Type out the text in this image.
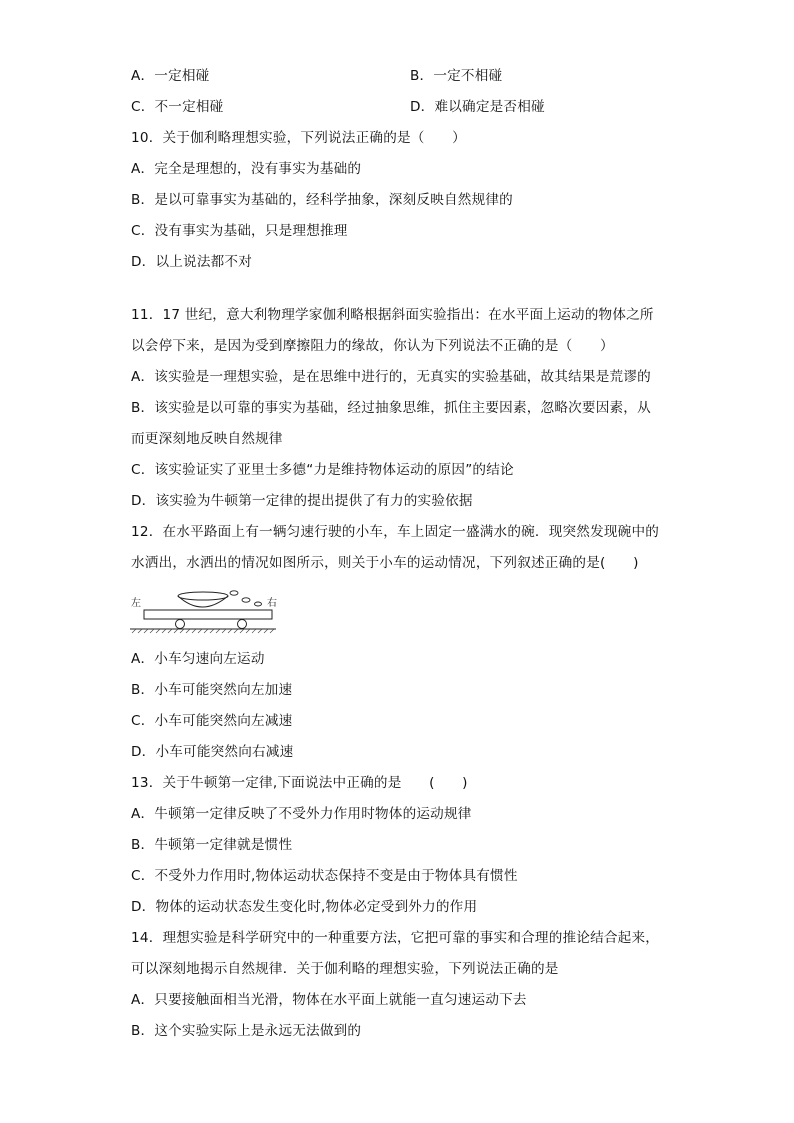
A．一定相碰	B．一定不相碰
C．不一定相碰	D．难以确定是否相碰
10．关于伽利略理想实验，下列说法正确的是（　　）
A．完全是理想的，没有事实为基础的
B．是以可靠事实为基础的，经科学抽象，深刻反映自然规律的
C．没有事实为基础，只是理想推理
D．以上说法都不对
11．17 世纪，意大利物理学家伽利略根据斜面实验指出：在水平面上运动的物体之所
以会停下来，是因为受到摩擦阻力的缘故，你认为下列说法不正确的是（　　）
A．该实验是一理想实验，是在思维中进行的，无真实的实验基础，故其结果是荒谬的
B．该实验是以可靠的事实为基础，经过抽象思维，抓住主要因素，忽略次要因素，从
而更深刻地反映自然规律
C．该实验证实了亚里士多德“力是维持物体运动的原因”的结论
D．该实验为牛顿第一定律的提出提供了有力的实验依据
12．在水平路面上有一辆匀速行驶的小车，车上固定一盛满水的碗．现突然发现碗中的
水洒出，水洒出的情况如图所示，则关于小车的运动情况，下列叙述正确的是(　　)
左	右
A．小车匀速向左运动
B．小车可能突然向左加速
C．小车可能突然向左减速
D．小车可能突然向右减速
13．关于牛顿第一定律,下面说法中正确的是　　(　　)
A．牛顿第一定律反映了不受外力作用时物体的运动规律
B．牛顿第一定律就是惯性
C．不受外力作用时,物体运动状态保持不变是由于物体具有惯性
D．物体的运动状态发生变化时,物体必定受到外力的作用
14．理想实验是科学研究中的一种重要方法，它把可靠的事实和合理的推论结合起来，
可以深刻地揭示自然规律．关于伽利略的理想实验，下列说法正确的是
A．只要接触面相当光滑，物体在水平面上就能一直匀速运动下去
B．这个实验实际上是永远无法做到的
